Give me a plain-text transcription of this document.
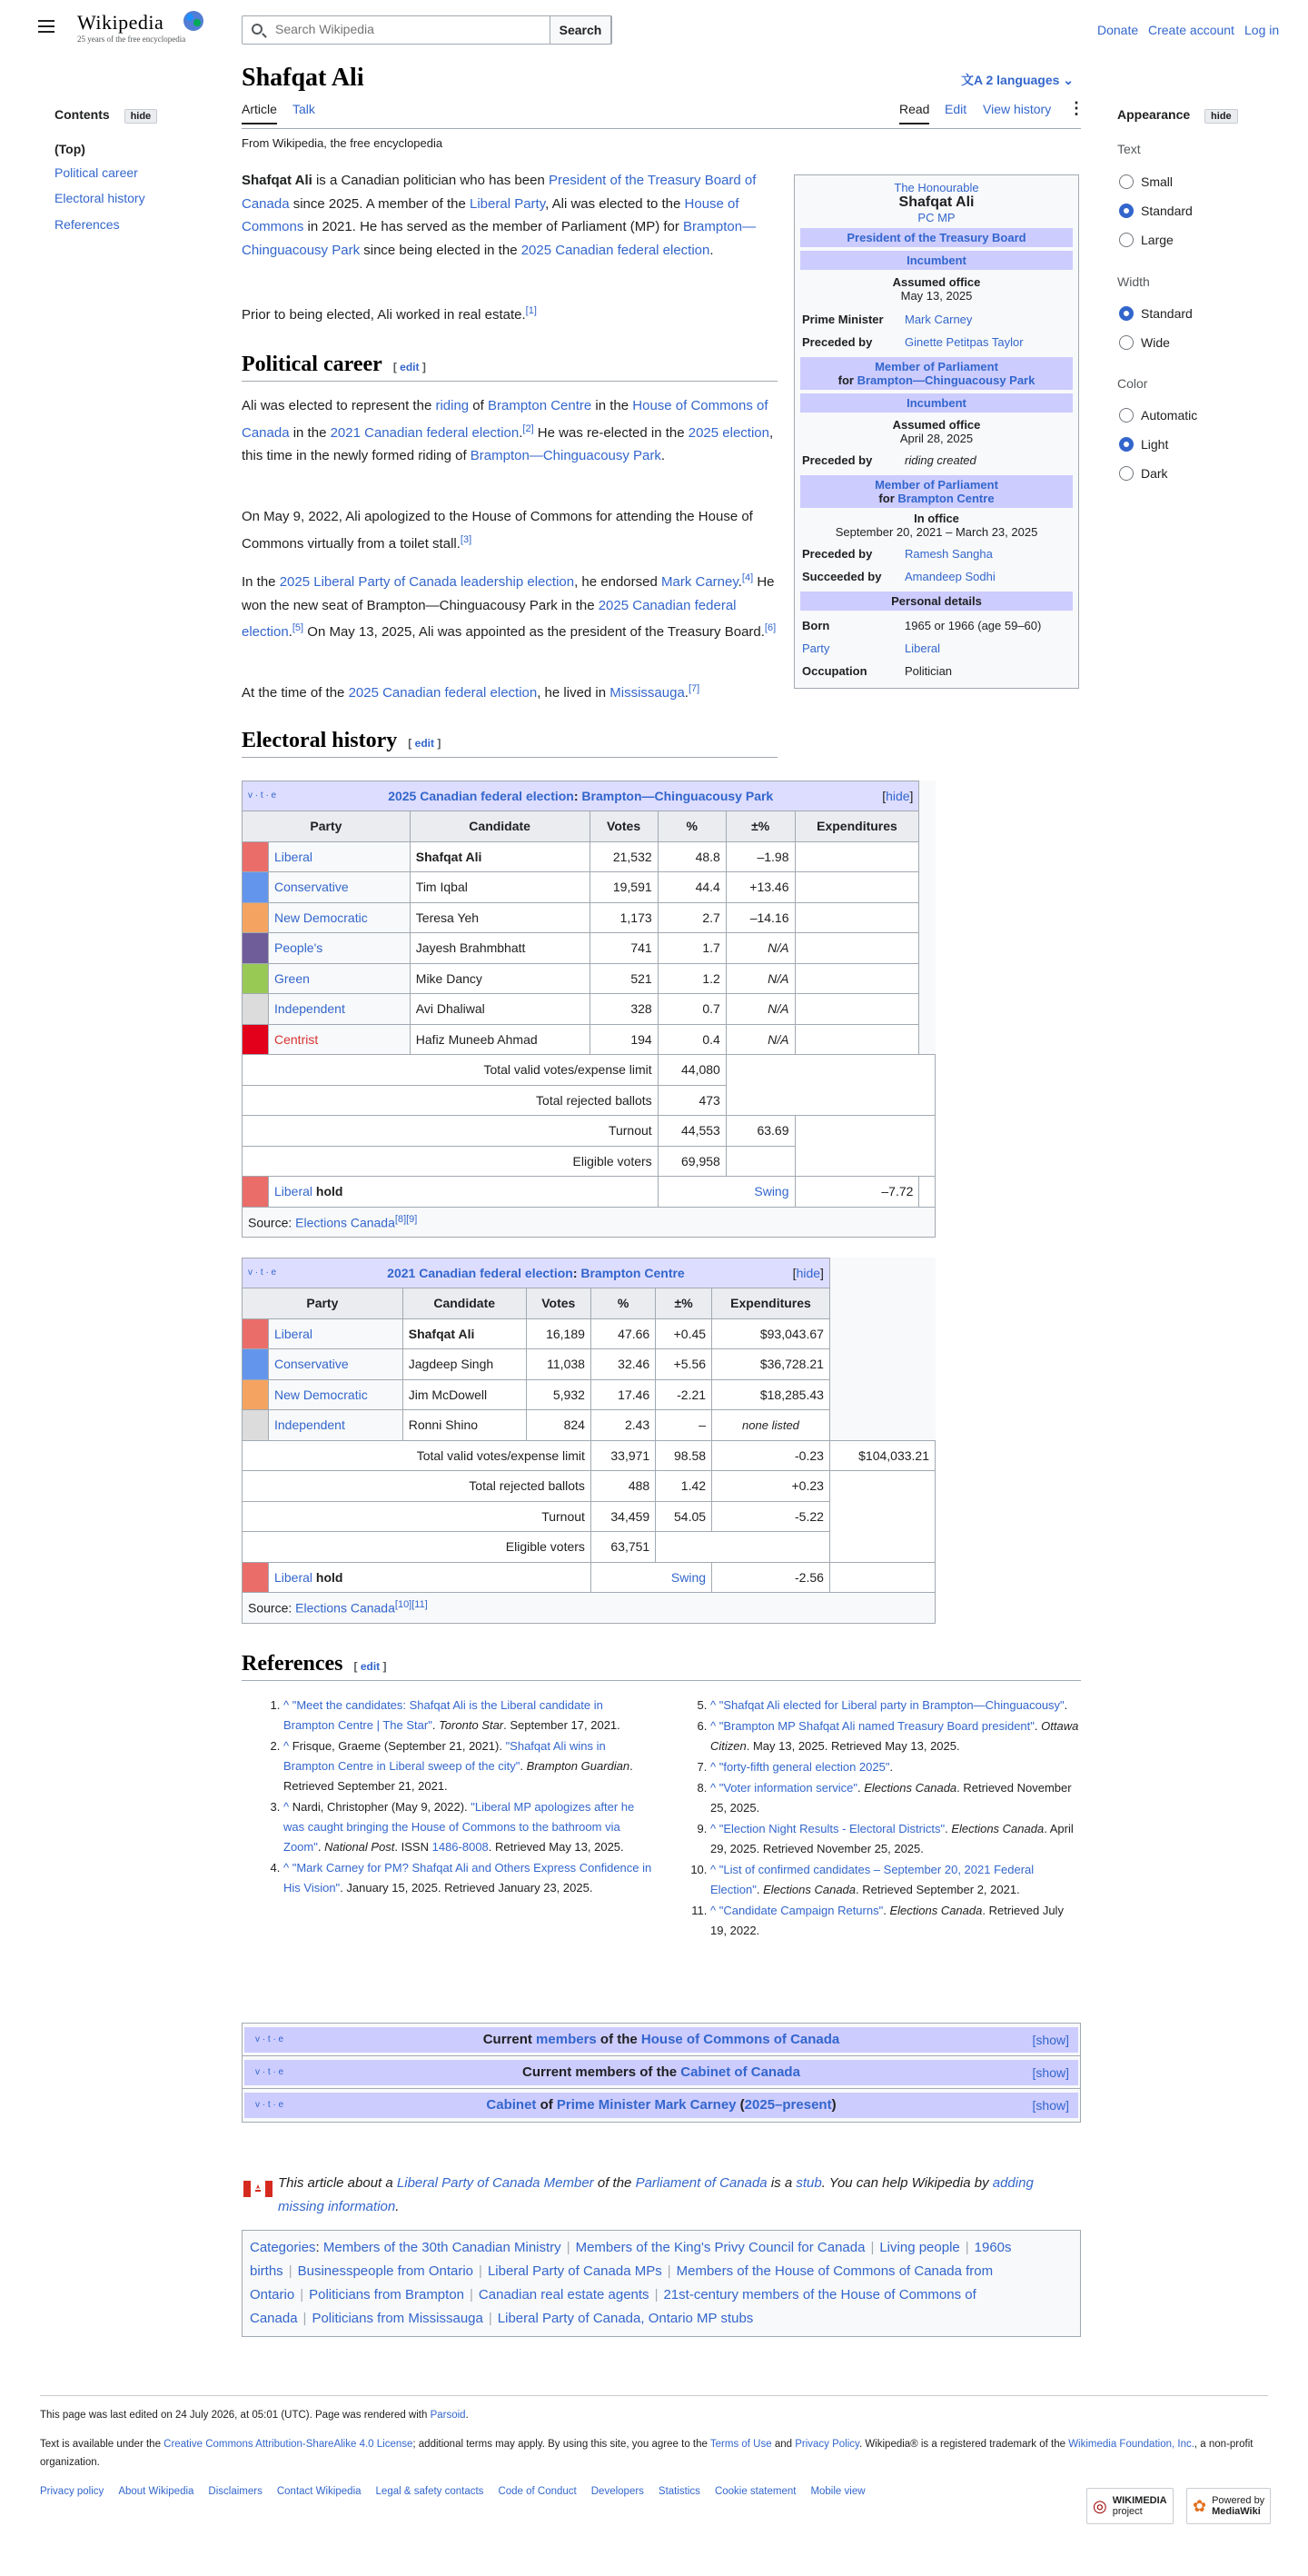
Wikipedia
25 years of the free encyclopedia
Search Wikipedia
Search	Donate Create account Log in
Contents hide
(Top)
Political career
Electoral history
References
Shafqat Ali	文A 2 languages ⌄
Article Talk	Read Edit View history ⋮
From Wikipedia, the free encyclopedia
Shafqat Ali is a Canadian politician who has been President of the Treasury Board of Canada since 2025. A member of the Liberal Party, Ali was elected to the House of Commons in 2021. He has served as the member of Parliament (MP) for Brampton—Chinguacousy Park since being elected in the 2025 Canadian federal election.
Prior to being elected, Ali worked in real estate.[1]
Political career [ edit ]
Ali was elected to represent the riding of Brampton Centre in the House of Commons of Canada in the 2021 Canadian federal election.[2] He was re-elected in the 2025 election, this time in the newly formed riding of Brampton—Chinguacousy Park.
On May 9, 2022, Ali apologized to the House of Commons for attending the House of Commons virtually from a toilet stall.[3]
In the 2025 Liberal Party of Canada leadership election, he endorsed Mark Carney.[4] He won the new seat of Brampton—Chinguacousy Park in the 2025 Canadian federal election.[5] On May 13, 2025, Ali was appointed as the president of the Treasury Board.[6]
At the time of the 2025 Canadian federal election, he lived in Mississauga.[7]
The Honourable
Shafqat Ali
PC MP
President of the Treasury Board
Incumbent
Assumed office
May 13, 2025
Prime Minister	Mark Carney
Preceded by	Ginette Petitpas Taylor
Member of Parliament
for Brampton—Chinguacousy Park
Incumbent
Assumed office
April 28, 2025
Preceded by	riding created
Member of Parliament
for Brampton Centre
In office
September 20, 2021 – March 23, 2025
Preceded by	Ramesh Sangha
Succeeded by	Amandeep Sodhi
Personal details
Born	1965 or 1966 (age 59–60)
Party	Liberal
Occupation	Politician
Appearance hide
Text
Small
Standard
Large
Width
Standard
Wide
Color
Automatic
Light
Dark
Electoral history [ edit ]
v · t · e 2025 Canadian federal election: Brampton—Chinguacousy Park [hide]							

Party		Candidate	Votes	%	±%	Expenditures	
	Liberal	Shafqat Ali	21,532	48.8	–1.98		
	Conservative	Tim Iqbal	19,591	44.4	+13.46		
	New Democratic	Teresa Yeh	1,173	2.7	–14.16		
	People's	Jayesh Brahmbhatt	741	1.7	N/A		
	Green	Mike Dancy	521	1.2	N/A		
	Independent	Avi Dhaliwal	328	0.7	N/A		
	Centrist	Hafiz Muneeb Ahmad	194	0.4	N/A		
Total valid votes/expense limit				44,080			
Total rejected ballots				473			
Turnout				44,553	63.69		
Eligible voters				69,958			
	Liberal hold			Swing		–7.72	
Source: Elections Canada[8][9]
v · t · e 2021 Canadian federal election: Brampton Centre [hide]							

Party		Candidate	Votes	%	±%	Expenditures	
	Liberal	Shafqat Ali	16,189	47.66	+0.45	$93,043.67	
	Conservative	Jagdeep Singh	11,038	32.46	+5.56	$36,728.21	
	New Democratic	Jim McDowell	5,932	17.46	-2.21	$18,285.43	
	Independent	Ronni Shino	824	2.43	–	none listed	
Total valid votes/expense limit				33,971	98.58	-0.23	$104,033.21
Total rejected ballots				488	1.42	+0.23	
Turnout				34,459	54.05	-5.22	
Eligible voters				63,751			
	Liberal hold			Swing		-2.56	
Source: Elections Canada[10][11]
References [ edit ]
1. ^ "Meet the candidates: Shafqat Ali is the Liberal candidate in Brampton Centre | The Star". Toronto Star. September 17, 2021.
2. ^ Frisque, Graeme (September 21, 2021). "Shafqat Ali wins in Brampton Centre in Liberal sweep of the city". Brampton Guardian. Retrieved September 21, 2021.
3. ^ Nardi, Christopher (May 9, 2022). "Liberal MP apologizes after he was caught bringing the House of Commons to the bathroom via Zoom". National Post. ISSN 1486-8008. Retrieved May 13, 2025.
4. ^ "Mark Carney for PM? Shafqat Ali and Others Express Confidence in His Vision". January 15, 2025. Retrieved January 23, 2025.
5. ^ "Shafqat Ali elected for Liberal party in Brampton—Chinguacousy".
6. ^ "Brampton MP Shafqat Ali named Treasury Board president". Ottawa Citizen. May 13, 2025. Retrieved May 13, 2025.
7. ^ "forty-fifth general election 2025".
8. ^ "Voter information service". Elections Canada. Retrieved November 25, 2025.
9. ^ "Election Night Results - Electoral Districts". Elections Canada. April 29, 2025. Retrieved November 25, 2025.
10. ^ "List of confirmed candidates – September 20, 2021 Federal Election". Elections Canada. Retrieved September 2, 2021.
11. ^ "Candidate Campaign Returns". Elections Canada. Retrieved July 19, 2022.
v · t · e	Current members of the House of Commons of Canada	[show]
v · t · e	Current members of the Cabinet of Canada	[show]
v · t · e	Cabinet of Prime Minister Mark Carney (2025–present)	[show]
This article about a Liberal Party of Canada Member of the Parliament of Canada is a stub. You can help Wikipedia by adding missing information.
Categories: Members of the 30th Canadian Ministry | Members of the King's Privy Council for Canada | Living people | 1960s births | Businesspeople from Ontario | Liberal Party of Canada MPs | Members of the House of Commons of Canada from Ontario | Politicians from Brampton | Canadian real estate agents | 21st-century members of the House of Commons of Canada | Politicians from Mississauga | Liberal Party of Canada, Ontario MP stubs
This page was last edited on 24 July 2026, at 05:01 (UTC). Page was rendered with Parsoid.
Text is available under the Creative Commons Attribution-ShareAlike 4.0 License; additional terms may apply. By using this site, you agree to the Terms of Use and Privacy Policy. Wikipedia® is a registered trademark of the Wikimedia Foundation, Inc., a non-profit organization.
Privacy policy About Wikipedia Disclaimers Contact Wikipedia Legal & safety contacts Code of Conduct Developers Statistics Cookie statement Mobile view
◎ WIKIMEDIA
project	✿ Powered by
MediaWiki
